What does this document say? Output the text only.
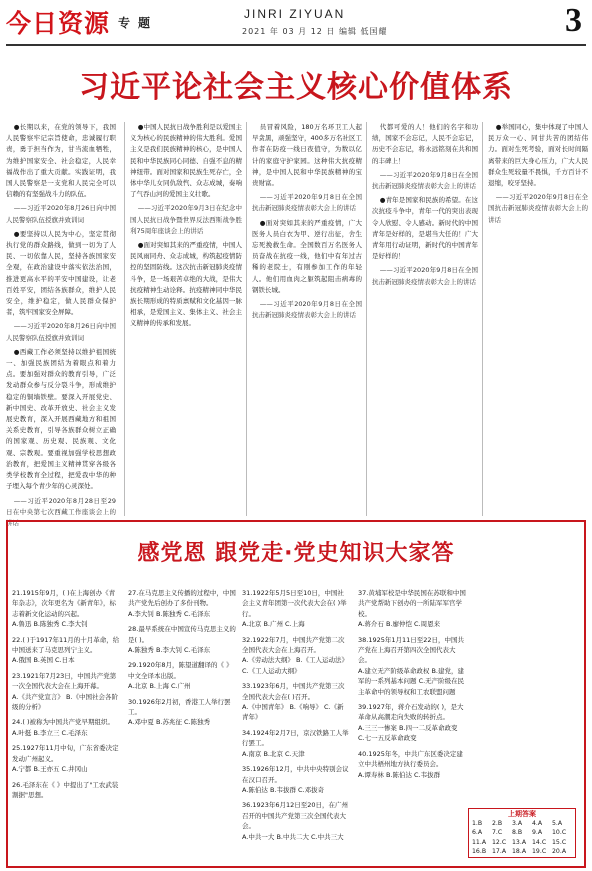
今日资源 专题
JINRI ZIYUAN
2021 年 03 月 12 日 编辑 低国耀	3
习近平论社会主义核心价值体系

●长期以来，在党的领导下，我国人民警察牢记宗旨使命，忠诚履行职责，勇于担当作为，甘当流血牺牲，为维护国家安全、社会稳定，人民幸福战作出了重大贡献。实践证明，我国人民警察是一支党和人民完全可以信赖的有坚强战斗力的队伍。

——习近平2020年8月26日向中国人民警察队伍授旗并致训词

●要坚持以人民为中心，坚定贯彻执行党的群众路线，做到一切为了人民、一切依靠人民，坚持各族国家安全观，在政治建设中落实依法治国，推进更高水平的平安中国建设，让老百姓平安，团结各族群众，维护人民安全，维护稳定，做人民群众保护者，筑牢国家安全屏障。

——习近平2020年8月26日向中国人民警察队伍授旗并致训词

●西藏工作必须坚持以维护祖国统一、加强民族团结为着眼点和着力点。要加强对群众的教育引导，广泛发动群众参与反分裂斗争，形成维护稳定的铜墙铁壁。要深入开展党史、新中国史、改革开放史、社会主义发展史教育，深入开展西藏地方和祖国关系史教育，引导各族群众树立正确的国家观、历史观、民族观、文化观、宗教观。要重视加强学校思想政治教育，把爱国主义精神贯穿各级各类学校教育全过程，把爱我中华的种子埋入每个青少年的心灵深处。

——习近平2020年8月28日至29日在中央第七次西藏工作座谈会上的讲话

●中国人民抗日战争胜利是以爱国主义为核心的民族精神的伟大胜利。爱国主义是我们民族精神的核心，是中国人民和中华民族同心同德、自强不息的精神纽带。面对国家和民族生死存亡，全体中华儿女同仇敌忾、众志成城，奏响了气吞山河的爱国主义壮歌。

——习近平2020年9月3日在纪念中国人民抗日战争暨世界反法西斯战争胜利75周年座谈会上的讲话

●面对突如其来的严重疫情，中国人民风雨同舟、众志成城，构筑起疫情防控的坚固防线。这次抗击新冠肺炎疫情斗争，是一场艰苦卓绝的大战，是伟大抗疫精神生动诠释。抗疫精神同中华民族长期形成的特质禀赋和文化基因一脉相承，是爱国主义、集体主义、社会主义精神的传承和发展。

员冒着风险，180万名环卫工人起早贪黑，顽强坚守，400多万名社区工作者在防疫一线日夜值守，为数以亿计的家庭守护家园。这种伟大抗疫精神，是中国人民和中华民族精神的宝贵财富。

——习近平2020年9月8日在全国抗击新冠肺炎疫情表彰大会上的讲话

●面对突如其来的严重疫情，广大医务人员白衣为甲、逆行出征，舍生忘死挽救生命。全国数百万名医务人员奋战在抗疫一线，他们中有年过古稀的老院士，有刚参加工作的年轻人。他们用血肉之躯筑起阻击病毒的钢铁长城。

——习近平2020年9月8日在全国抗击新冠肺炎疫情表彰大会上的讲话

代都可爱的人！他们的名字和功绩，国家不会忘记，人民不会忘记，历史不会忘记，将永远铭刻在共和国的丰碑上！

——习近平2020年9月8日在全国抗击新冠肺炎疫情表彰大会上的讲话

●青年是国家和民族的希望。在这次抗疫斗争中，青年一代的突出表现令人欣慰、令人感动。新时代的中国青年是好样的，是堪当大任的！广大青年用行动证明，新时代的中国青年是好样的！

——习近平2020年9月8日在全国抗击新冠肺炎疫情表彰大会上的讲话

●举国同心，集中体现了中国人民万众一心、同甘共苦的团结伟力。面对生死考验，面对长时间隔离带来的巨大身心压力，广大人民群众生死较量不畏惧，千方百计不退缩，咬牙坚持。

——习近平2020年9月8日在全国抗击新冠肺炎疫情表彰大会上的讲话

感党恩 跟党走·党史知识大家答
21.1915年9月，( )在上海创办《青年杂志》，次年更名为《新青年》，标志着新文化运动的兴起。
A.鲁迅 B.陈独秀 C.李大钊
22.( )于1917年11月的十月革命，给中国送来了马克思列宁主义。
A.俄国 B.英国 C.日本
23.1921年7月23日，中国共产党第一次全国代表大会在上海开幕。
A.《共产党宣言》 B.《中国社会各阶级的分析》
24.( )被称为中国共产党早期组织。
A.叶挺 B.李立三 C.毛泽东
25.1927年11月中旬，广东省委决定发动广州起义。
A.宁都 B.王亦五 C.井冈山
26.毛泽东在《 》中提出了"工农武装割据"思想。
27.在马克思主义传播的过程中，中国共产党先后创办了多份刊物。
A.李大钊 B.陈独秀 C.毛泽东
28.最早系统在中国宣传马克思主义的是( )。
A.陈独秀 B.李大钊 C.毛泽东
29.1920年8月，陈望道翻译的《 》中文全译本出版。
A.北京 B.上海 C.广州
30.1926年2月初，香港工人举行罢工。
A.邓中夏 B.苏兆征 C.陈独秀
31.1922年5月5日至10日，中国社会主义青年团第一次代表大会在( )举行。
A.北京 B.广州 C.上海
32.1922年7月，中国共产党第二次全国代表大会在上海召开。
A.《劳动法大纲》 B.《工人运动法》 C.《工人运动大纲》
33.1923年6月，中国共产党第三次全国代表大会在( )召开。
A.《中国青年》 B.《响导》 C.《新青年》
34.1924年2月7日，京汉铁路工人举行罢工。
A.南京 B.北京 C.天津
35.1926年12月，中共中央特别会议在汉口召开。
A.陈伯达 B.韦拔群 C.邓拔奇
36.1923年6月12日至20日，在广州召开的中国共产党第三次全国代表大会。
A.中共一大 B.中共二大 C.中共三大
37.黄埔军校是中华民国在苏联和中国共产党帮助下创办的一所陆军军官学校。
A.蒋介石 B.廖仲恺 C.周恩来
38.1925年1月11日至22日，中国共产党在上海召开第四次全国代表大会。
A.建立无产阶级革命政权 B.建党，建军的一系列基本问题 C.无产阶级在民主革命中的领导权和工农联盟问题
39.1927年，蒋介石发动的( )，是大革命从高潮走向失败的转折点。
A.三三一惨案 B.四一二反革命政变 C.七一五反革命政变
40.1925年冬，中共广东区委决定建立中共梧州地方执行委员会。
A.谭寿林 B.陈伯达 C.韦拔群
上期答案
1.B	2.B	3.A	4.A	5.A
6.A	7.C	8.B	9.A	10.C
11.A 12.C 13.A 14.C 15.C
16.B 17.A 18.A 19.C 20.A
